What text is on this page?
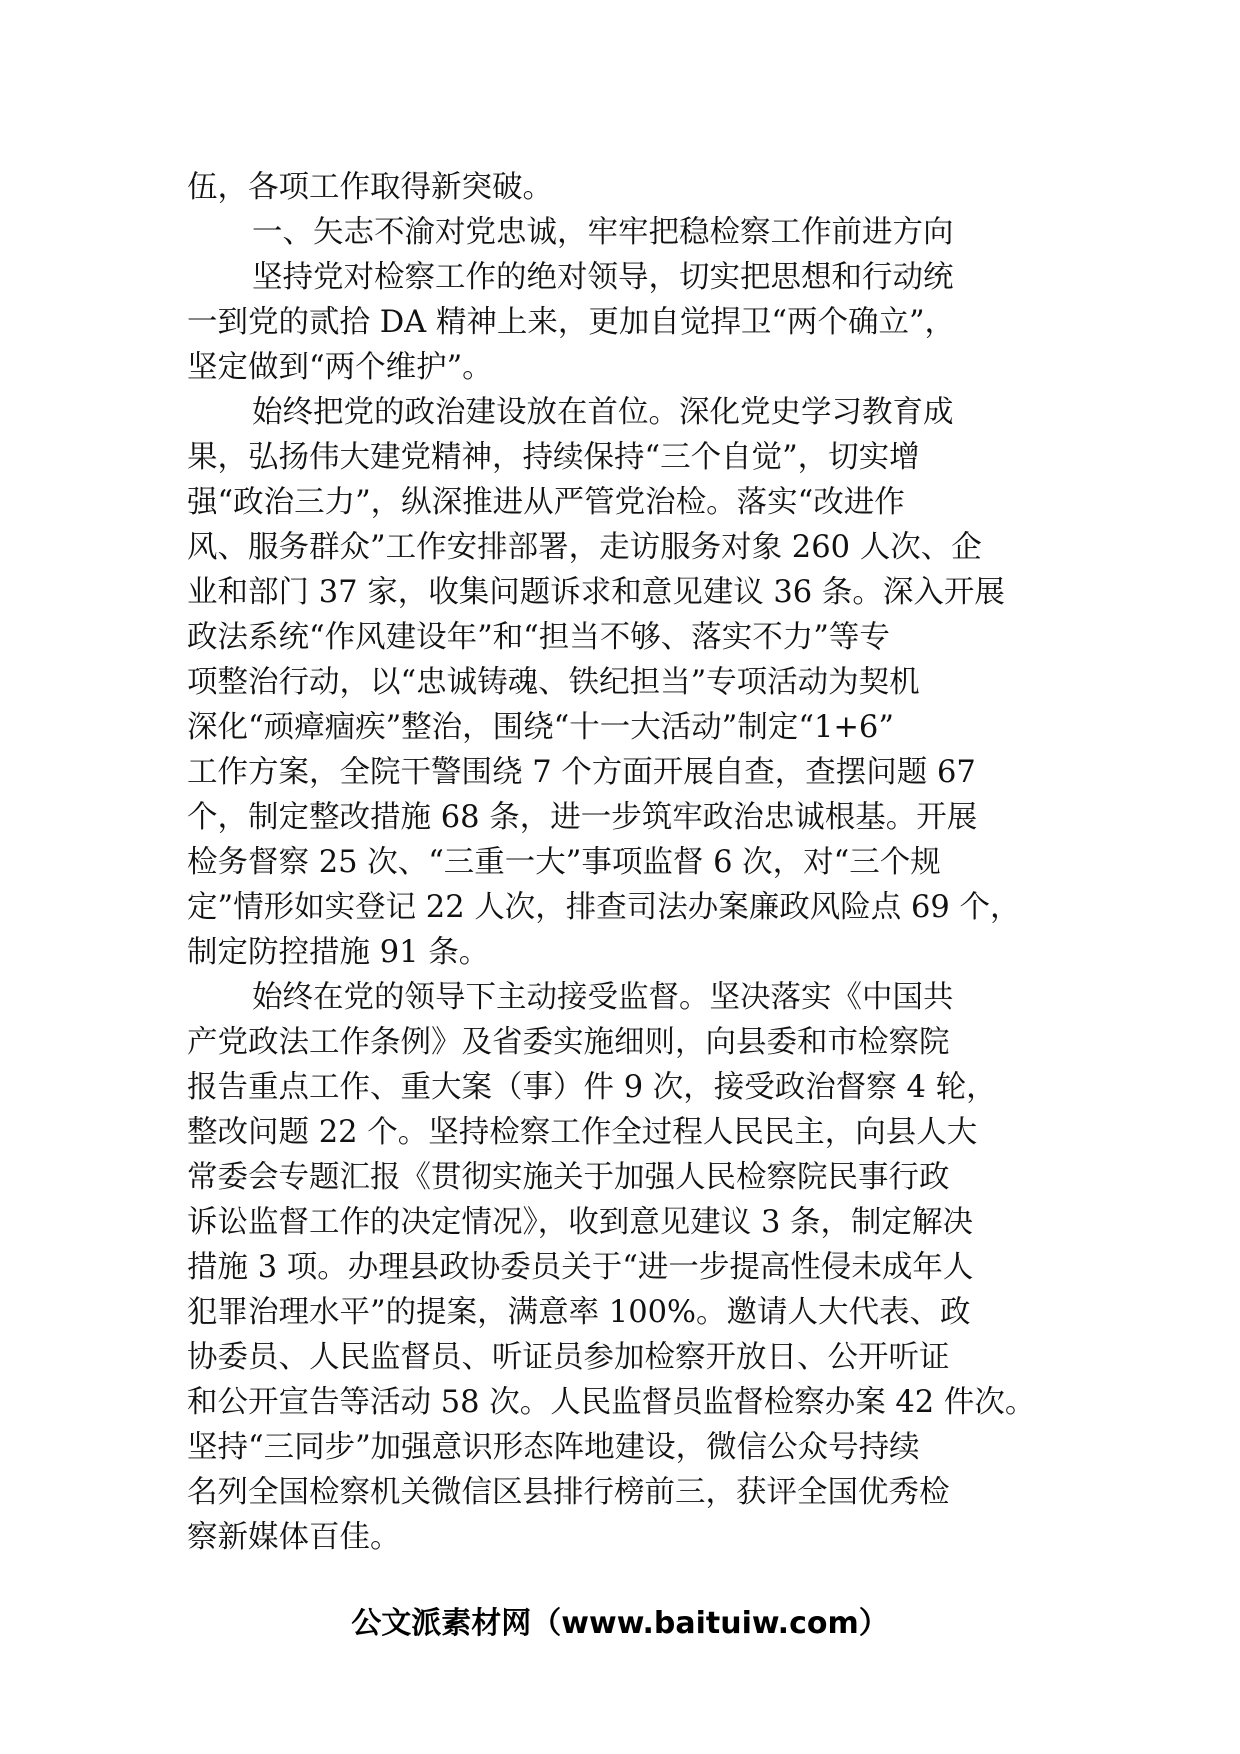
伍，各项工作取得新突破。
一、矢志不渝对党忠诚，牢牢把稳检察工作前进方向
坚持党对检察工作的绝对领导，切实把思想和行动统
一到党的贰拾 DA 精神上来，更加自觉捍卫“两个确立”，
坚定做到“两个维护”。
始终把党的政治建设放在首位。深化党史学习教育成
果，弘扬伟大建党精神，持续保持“三个自觉”，切实增
强“政治三力”，纵深推进从严管党治检。落实“改进作
风、服务群众”工作安排部署，走访服务对象 260 人次、企
业和部门 37 家，收集问题诉求和意见建议 36 条。深入开展
政法系统“作风建设年”和“担当不够、落实不力”等专
项整治行动，以“忠诚铸魂、铁纪担当”专项活动为契机
深化“顽瘴痼疾”整治，围绕“十一大活动”制定“1+6”
工作方案，全院干警围绕 7 个方面开展自查，查摆问题 67
个，制定整改措施 68 条，进一步筑牢政治忠诚根基。开展
检务督察 25 次、“三重一大”事项监督 6 次，对“三个规
定”情形如实登记 22 人次，排查司法办案廉政风险点 69 个，
制定防控措施 91 条。
始终在党的领导下主动接受监督。坚决落实《中国共
产党政法工作条例》及省委实施细则，向县委和市检察院
报告重点工作、重大案（事）件 9 次，接受政治督察 4 轮，
整改问题 22 个。坚持检察工作全过程人民民主，向县人大
常委会专题汇报《贯彻实施关于加强人民检察院民事行政
诉讼监督工作的决定情况》，收到意见建议 3 条，制定解决
措施 3 项。办理县政协委员关于“进一步提高性侵未成年人
犯罪治理水平”的提案，满意率 100%。邀请人大代表、政
协委员、人民监督员、听证员参加检察开放日、公开听证
和公开宣告等活动 58 次。人民监督员监督检察办案 42 件次。
坚持“三同步”加强意识形态阵地建设，微信公众号持续
名列全国检察机关微信区县排行榜前三，获评全国优秀检
察新媒体百佳。
公文派素材网（www.baituiw.com）
